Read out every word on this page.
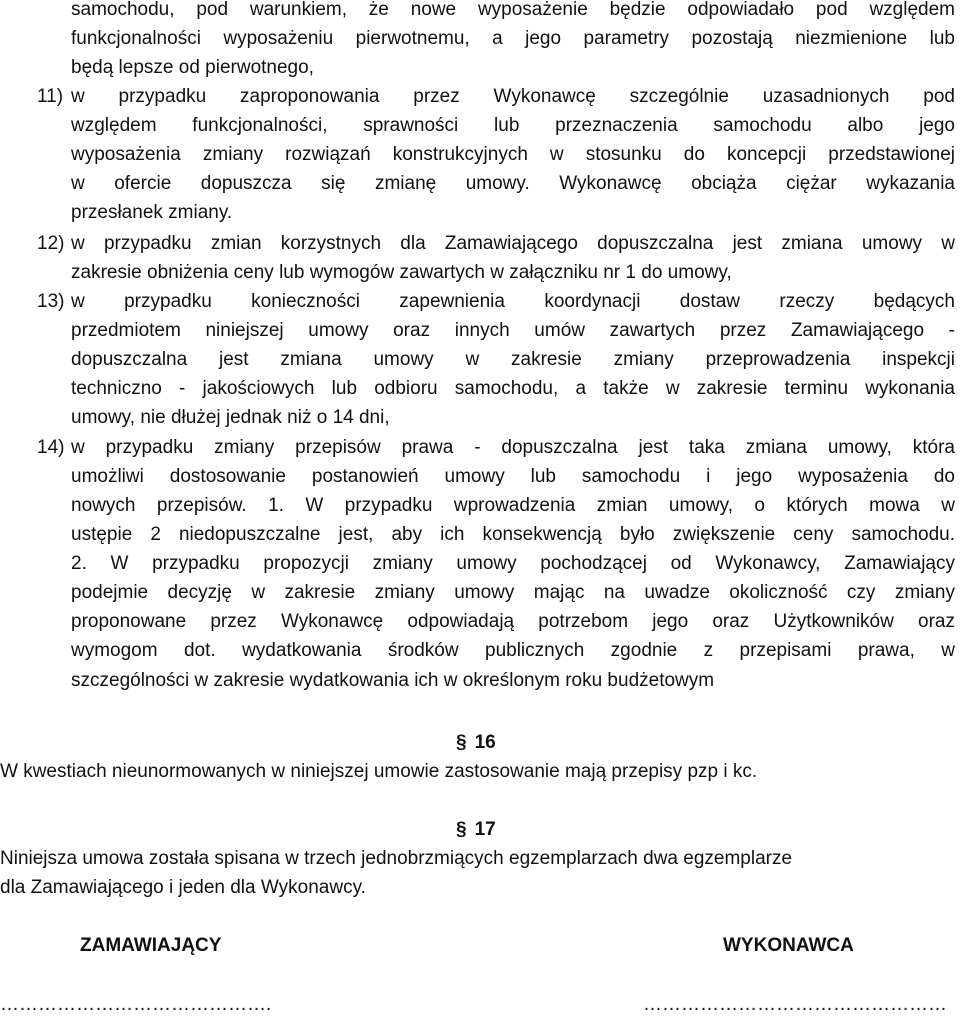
samochodu, pod warunkiem, że nowe wyposażenie będzie odpowiadało pod względem
funkcjonalności wyposażeniu pierwotnemu, a jego parametry pozostają niezmienione lub
będą lepsze od pierwotnego,
11) w przypadku zaproponowania przez Wykonawcę szczególnie uzasadnionych pod
względem funkcjonalności, sprawności lub przeznaczenia samochodu albo jego
wyposażenia zmiany rozwiązań konstrukcyjnych w stosunku do koncepcji przedstawionej
w ofercie dopuszcza się zmianę umowy. Wykonawcę obciąża ciężar wykazania
przesłanek zmiany.
12) w przypadku zmian korzystnych dla Zamawiającego dopuszczalna jest zmiana umowy w
zakresie obniżenia ceny lub wymogów zawartych w załączniku nr 1 do umowy,
13) w przypadku konieczności zapewnienia koordynacji dostaw rzeczy będących
przedmiotem niniejszej umowy oraz innych umów zawartych przez Zamawiającego -
dopuszczalna jest zmiana umowy w zakresie zmiany przeprowadzenia inspekcji
techniczno - jakościowych lub odbioru samochodu, a także w zakresie terminu wykonania
umowy, nie dłużej jednak niż o 14 dni,
14) w przypadku zmiany przepisów prawa - dopuszczalna jest taka zmiana umowy, która
umożliwi dostosowanie postanowień umowy lub samochodu i jego wyposażenia do
nowych przepisów. 1. W przypadku wprowadzenia zmian umowy, o których mowa w
ustępie 2 niedopuszczalne jest, aby ich konsekwencją było zwiększenie ceny samochodu.
2. W przypadku propozycji zmiany umowy pochodzącej od Wykonawcy, Zamawiający
podejmie decyzję w zakresie zmiany umowy mając na uwadze okoliczność czy zmiany
proponowane przez Wykonawcę odpowiadają potrzebom jego oraz Użytkowników oraz
wymogom dot. wydatkowania środków publicznych zgodnie z przepisami prawa, w
szczególności w zakresie wydatkowania ich w określonym roku budżetowym
§ 16
W kwestiach nieunormowanych w niniejszej umowie zastosowanie mają przepisy pzp i kc.
§ 17
Niniejsza umowa została spisana w trzech jednobrzmiących egzemplarzach dwa egzemplarze
dla Zamawiającego i jeden dla Wykonawcy.
ZAMAWIAJĄCY	WYKONAWCA
…………………………………….	…………………………………………
